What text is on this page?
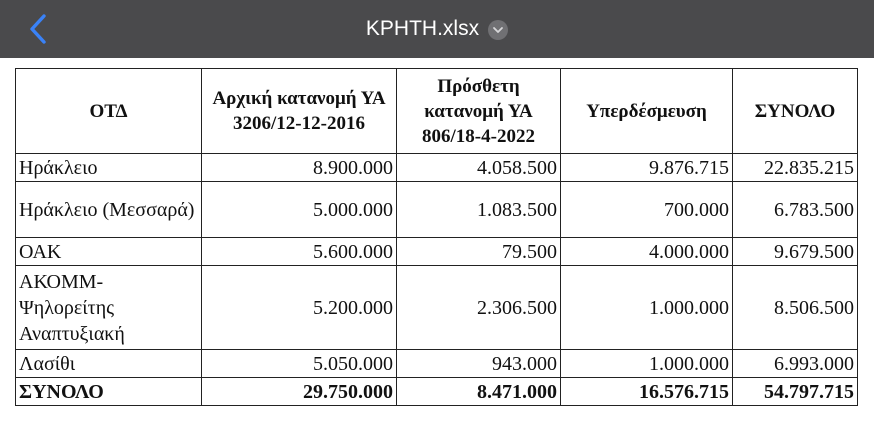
ΚΡΗΤΗ.xlsx
ΟΤΔ	Αρχική κατανομή ΥΑ 3206/12-12-2016	Πρόσθετη κατανομή ΥΑ 806/18-4-2022	Υπερδέσμευση	ΣΥΝΟΛΟ
Ηράκλειο	8.900.000	4.058.500	9.876.715	22.835.215
Ηράκλειο (Μεσσαρά)	5.000.000	1.083.500	700.000	6.783.500
ΟΑΚ	5.600.000	79.500	4.000.000	9.679.500
ΑΚΟΜΜ-Ψηλορείτης Αναπτυξιακή	5.200.000	2.306.500	1.000.000	8.506.500
Λασίθι	5.050.000	943.000	1.000.000	6.993.000
ΣΥΝΟΛΟ	29.750.000	8.471.000	16.576.715	54.797.715
